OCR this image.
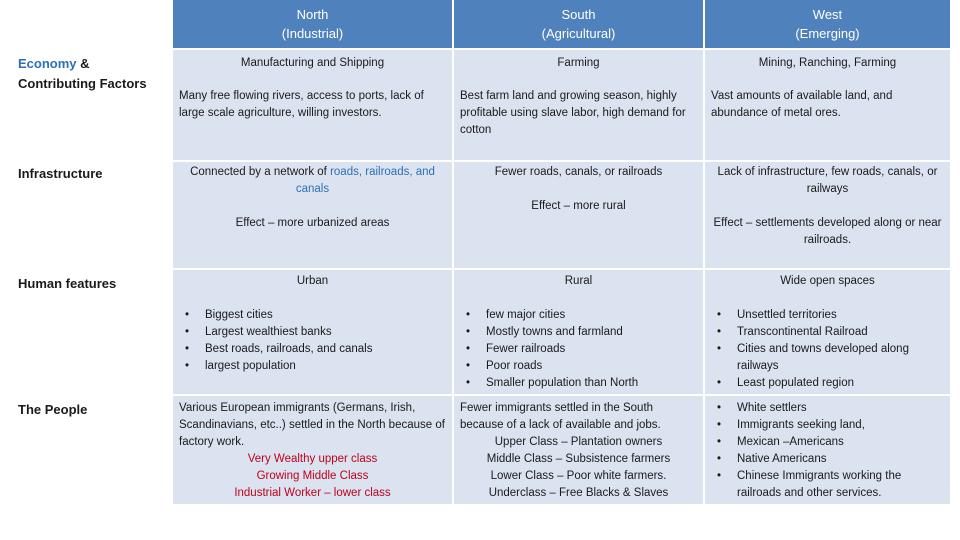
North
(Industrial)
South
(Agricultural)
West
(Emerging)
Economy & Contributing Factors
Infrastructure
Human features
The People
Manufacturing and Shipping
Many free flowing rivers, access to ports, lack of large scale agriculture, willing investors.
Farming
Best farm land and growing season, highly profitable using slave labor, high demand for cotton
Mining, Ranching, Farming
Vast amounts of available land, and abundance of metal ores.
Connected by a network of roads, railroads, and canals
Effect – more urbanized areas
Fewer roads, canals, or railroads
Effect – more rural
Lack of infrastructure, few roads, canals, or railways
Effect – settlements developed along or near railroads.
Urban
• Biggest cities
• Largest wealthiest banks
• Best roads, railroads, and canals
• largest population
Rural
• few major cities
• Mostly towns and farmland
• Fewer railroads
• Poor roads
• Smaller population than North
Wide open spaces
• Unsettled territories
• Transcontinental Railroad
• Cities and towns developed along railways
• Least populated region
Various European immigrants (Germans, Irish, Scandinavians, etc..) settled in the North because of factory work.
Very Wealthy upper class
Growing Middle Class
Industrial Worker – lower class
Fewer immigrants settled in the South because of a lack of available and jobs.
Upper Class – Plantation owners
Middle Class – Subsistence farmers
Lower Class – Poor white farmers.
Underclass – Free Blacks & Slaves
• White settlers
• Immigrants seeking land,
• Mexican –Americans
• Native Americans
• Chinese Immigrants working the railroads and other services.
